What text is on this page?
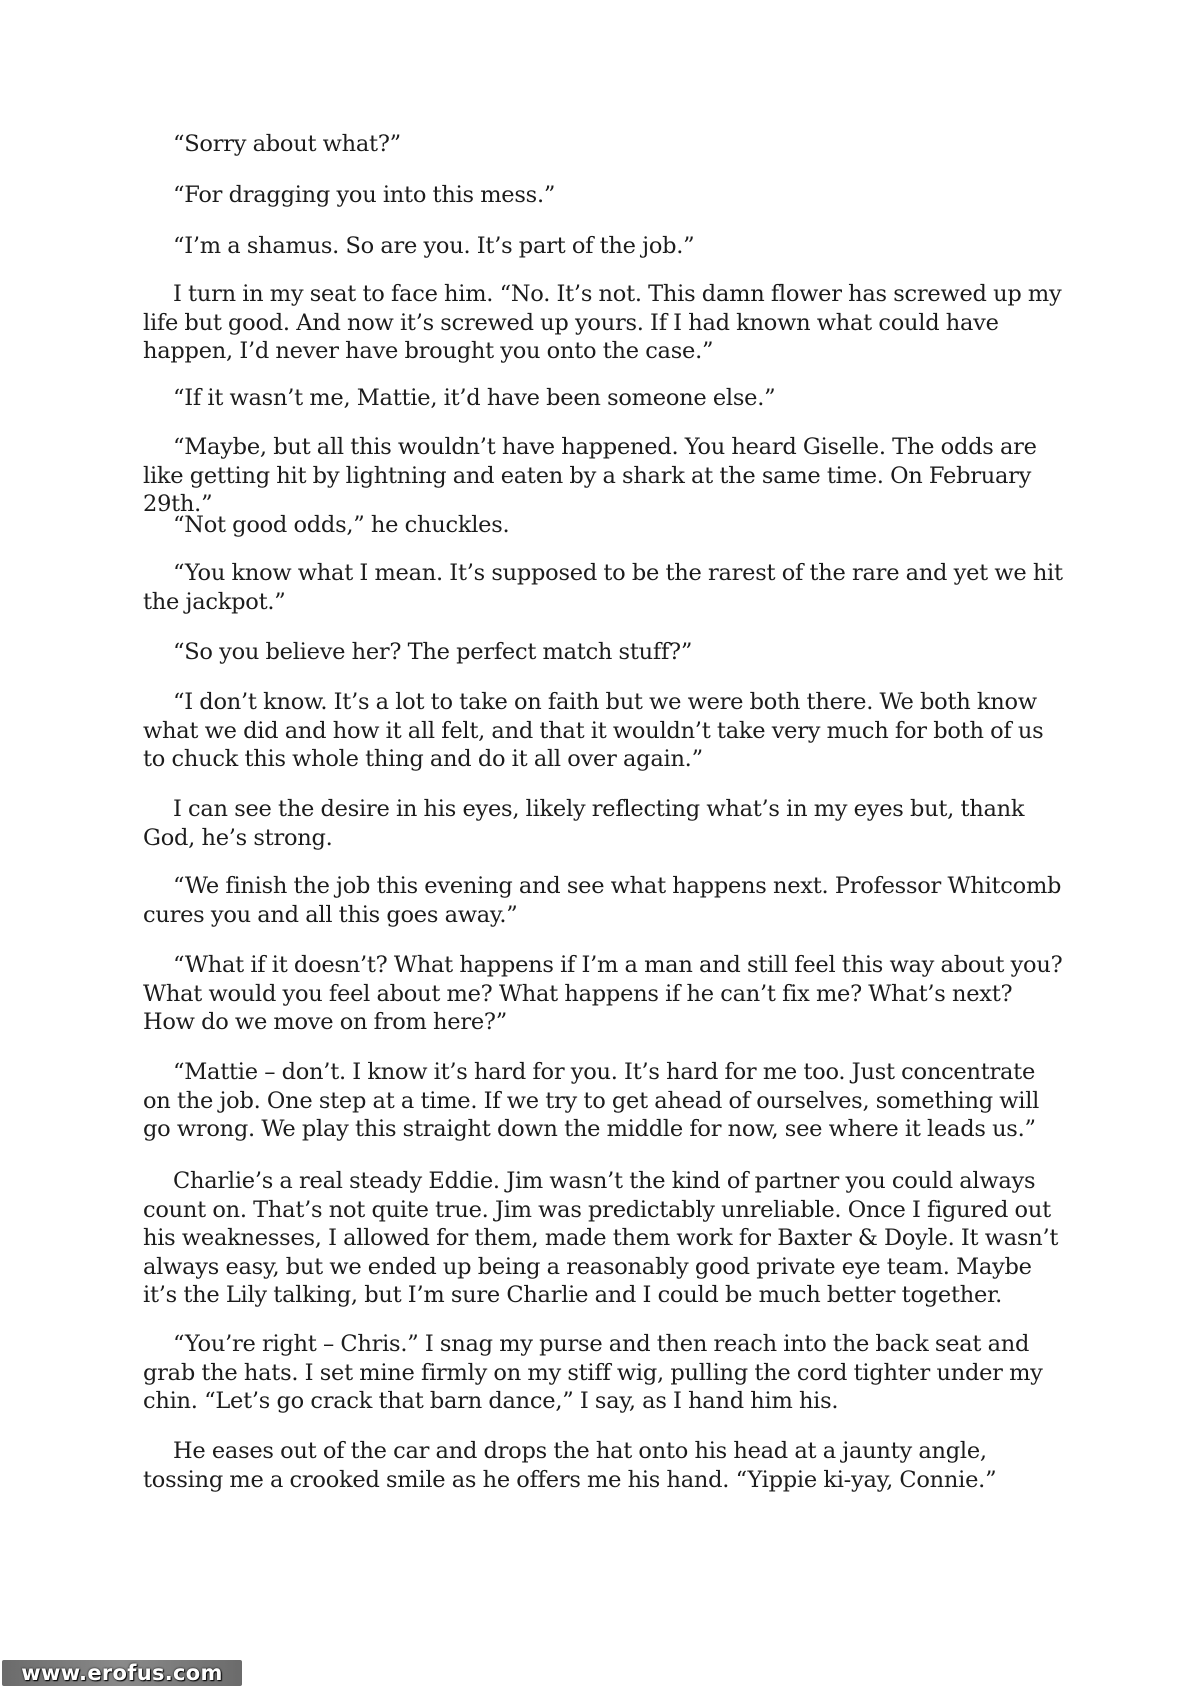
“Sorry about what?”

“For dragging you into this mess.”

“I’m a shamus. So are you. It’s part of the job.”

I turn in my seat to face him. “No. It’s not. This damn flower has screwed up my life but good. And now it’s screwed up yours. If I had known what could have happen, I’d never have brought you onto the case.”

“If it wasn’t me, Mattie, it’d have been someone else.”

“Maybe, but all this wouldn’t have happened. You heard Giselle. The odds are like getting hit by lightning and eaten by a shark at the same time. On February 29th.”

“Not good odds,” he chuckles.

“You know what I mean. It’s supposed to be the rarest of the rare and yet we hit the jackpot.”

“So you believe her? The perfect match stuff?”

“I don’t know. It’s a lot to take on faith but we were both there. We both know what we did and how it all felt, and that it wouldn’t take very much for both of us to chuck this whole thing and do it all over again.”

I can see the desire in his eyes, likely reflecting what’s in my eyes but, thank God, he’s strong.

“We finish the job this evening and see what happens next. Professor Whitcomb cures you and all this goes away.”

“What if it doesn’t? What happens if I’m a man and still feel this way about you? What would you feel about me? What happens if he can’t fix me? What’s next? How do we move on from here?”

“Mattie – don’t. I know it’s hard for you. It’s hard for me too. Just concentrate on the job. One step at a time. If we try to get ahead of ourselves, something will go wrong. We play this straight down the middle for now, see where it leads us.”

Charlie’s a real steady Eddie. Jim wasn’t the kind of partner you could always count on. That’s not quite true. Jim was predictably unreliable. Once I figured out his weaknesses, I allowed for them, made them work for Baxter & Doyle. It wasn’t always easy, but we ended up being a reasonably good private eye team. Maybe it’s the Lily talking, but I’m sure Charlie and I could be much better together.

“You’re right – Chris.” I snag my purse and then reach into the back seat and grab the hats. I set mine firmly on my stiff wig, pulling the cord tighter under my chin. “Let’s go crack that barn dance,” I say, as I hand him his.

He eases out of the car and drops the hat onto his head at a jaunty angle, tossing me a crooked smile as he offers me his hand. “Yippie ki-yay, Connie.”

www.erofus.com
